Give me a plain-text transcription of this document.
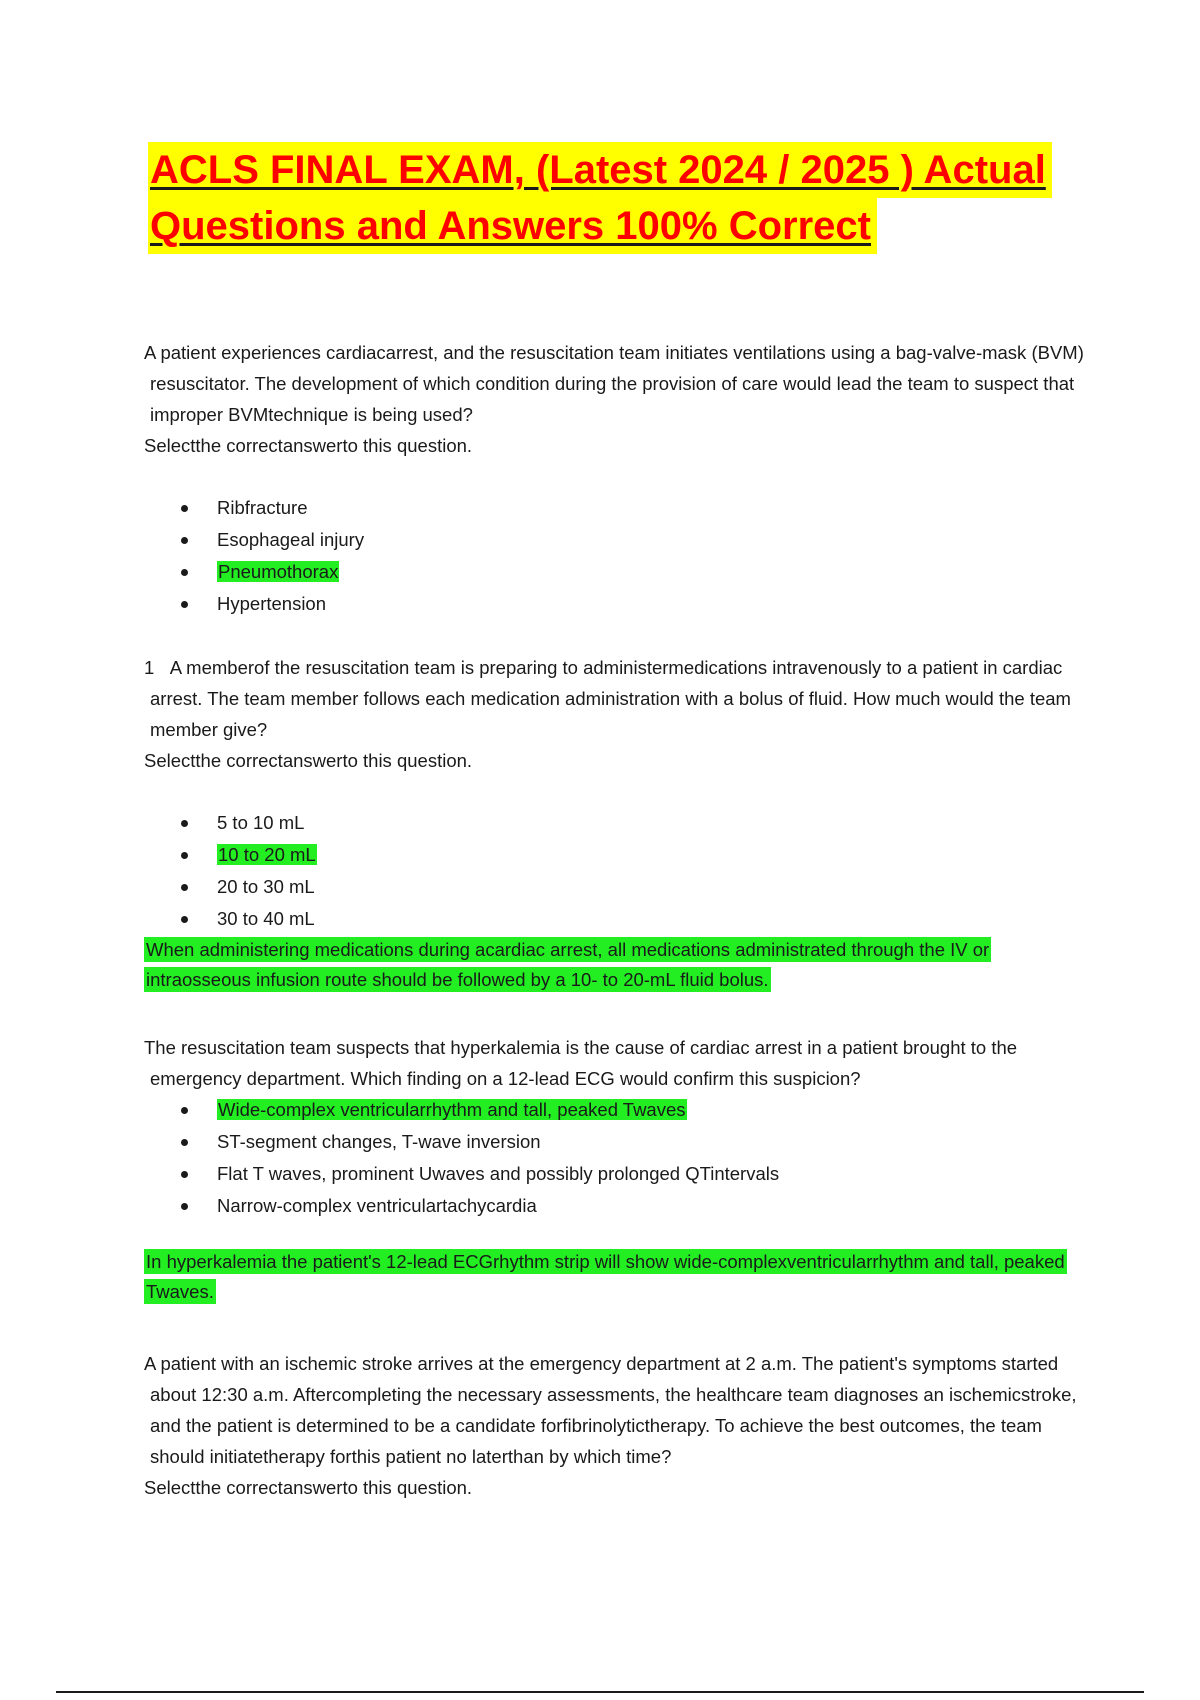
ACLS FINAL EXAM, (Latest 2024 / 2025 ) Actual
Questions and Answers 100% Correct

A patient experiences cardiacarrest, and the resuscitation team initiates ventilations using a bag-valve-mask (BVM) resuscitator. The development of which condition during the provision of care would lead the team to suspect that improper BVMtechnique is being used?

Selectthe correctanswerto this question.

Ribfracture
Esophageal injury
Pneumothorax
Hypertension

1 A memberof the resuscitation team is preparing to administermedications intravenously to a patient in cardiac arrest. The team member follows each medication administration with a bolus of fluid. How much would the team member give?

Selectthe correctanswerto this question.

5 to 10 mL
10 to 20 mL
20 to 30 mL
30 to 40 mL

When administering medications during acardiac arrest, all medications administrated through the IV or intraosseous infusion route should be followed by a 10- to 20-mL fluid bolus.

The resuscitation team suspects that hyperkalemia is the cause of cardiac arrest in a patient brought to the emergency department. Which finding on a 12-lead ECG would confirm this suspicion?

Wide-complex ventricularrhythm and tall, peaked Twaves
ST-segment changes, T-wave inversion
Flat T waves, prominent Uwaves and possibly prolonged QTintervals
Narrow-complex ventriculartachycardia

In hyperkalemia the patient's 12-lead ECGrhythm strip will show wide-complexventricularrhythm and tall, peaked Twaves.

A patient with an ischemic stroke arrives at the emergency department at 2 a.m. The patient's symptoms started about 12:30 a.m. Aftercompleting the necessary assessments, the healthcare team diagnoses an ischemicstroke, and the patient is determined to be a candidate forfibrinolytictherapy. To achieve the best outcomes, the team should initiatetherapy forthis patient no laterthan by which time?

Selectthe correctanswerto this question.
